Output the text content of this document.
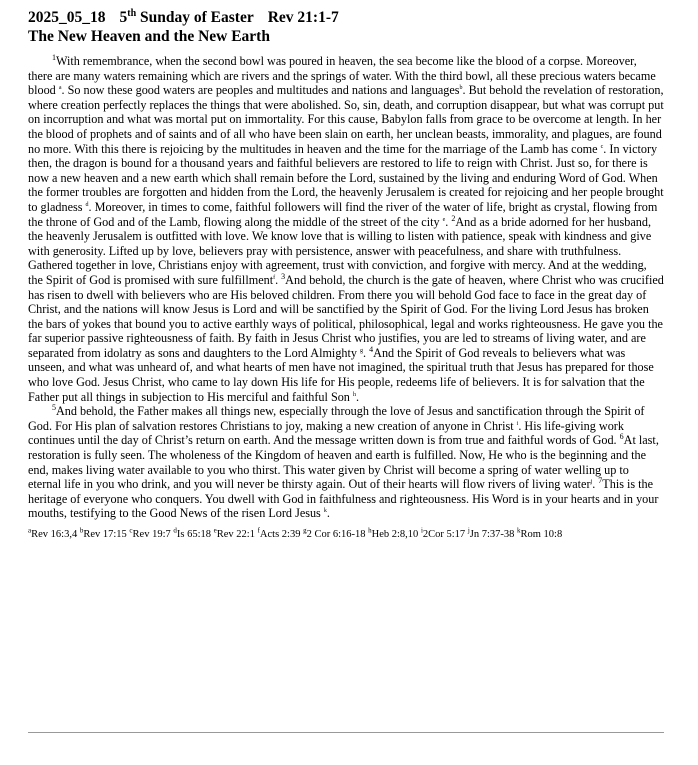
2025_05_18 5th Sunday of Easter Rev 21:1-7
The New Heaven and the New Earth

$^1$With remembrance, when the second bowl was poured in heaven, the sea become like the blood of a corpse. Moreover, there are many waters remaining which are rivers and the springs of water. With the third bowl, all these precious waters became blood $^a$. So now these good waters are peoples and multitudes and nations and languages$^b$. But behold the revelation of restoration, where creation perfectly replaces the things that were abolished. So, sin, death, and corruption disappear, but what was corrupt put on incorruption and what was mortal put on immortality. For this cause, Babylon falls from grace to be overcome at length. In her the blood of prophets and of saints and of all who have been slain on earth, her unclean beasts, immorality, and plagues, are found no more. With this there is rejoicing by the multitudes in heaven and the time for the marriage of the Lamb has come $^c$. In victory then, the dragon is bound for a thousand years and faithful believers are restored to life to reign with Christ. Just so, for there is now a new heaven and a new earth which shall remain before the Lord, sustained by the living and enduring Word of God. When the former troubles are forgotten and hidden from the Lord, the heavenly Jerusalem is created for rejoicing and her people brought to gladness $^d$. Moreover, in times to come, faithful followers will find the river of the water of life, bright as crystal, flowing from the throne of God and of the Lamb, flowing along the middle of the street of the city $^e$. $^2$And as a bride adorned for her husband, the heavenly Jerusalem is outfitted with love. We know love that is willing to listen with patience, speak with kindness and give with generosity. Lifted up by love, believers pray with persistence, answer with peacefulness, and share with truthfulness. Gathered together in love, Christians enjoy with agreement, trust with conviction, and forgive with mercy. And at the wedding, the Spirit of God is promised with sure fulfillment$^f$. $^3$And behold, the church is the gate of heaven, where Christ who was crucified has risen to dwell with believers who are His beloved children. From there you will behold God face to face in the great day of Christ, and the nations will know Jesus is Lord and will be sanctified by the Spirit of God. For the living Lord Jesus has broken the bars of yokes that bound you to active earthly ways of political, philosophical, legal and works righteousness. He gave you the far superior passive righteousness of faith. By faith in Jesus Christ who justifies, you are led to streams of living water, and are separated from idolatry as sons and daughters to the Lord Almighty $^g$. $^4$And the Spirit of God reveals to believers what was unseen, and what was unheard of, and what hearts of men have not imagined, the spiritual truth that Jesus has prepared for those who love God. Jesus Christ, who came to lay down His life for His people, redeems life of believers. It is for salvation that the Father put all things in subjection to His merciful and faithful Son $^h$.

$^5$And behold, the Father makes all things new, especially through the love of Jesus and sanctification through the Spirit of God. For His plan of salvation restores Christians to joy, making a new creation of anyone in Christ $^i$. His life-giving work continues until the day of Christ’s return on earth. And the message written down is from true and faithful words of God. $^6$At last, restoration is fully seen. The wholeness of the Kingdom of heaven and earth is fulfilled. Now, He who is the beginning and the end, makes living water available to you who thirst. This water given by Christ will become a spring of water welling up to eternal life in you who drink, and you will never be thirsty again. Out of their hearts will flow rivers of living water$^j$. $^7$This is the heritage of everyone who conquers. You dwell with God in faithfulness and righteousness. His Word is in your hearts and in your mouths, testifying to the Good News of the risen Lord Jesus $^k$.

$^a$Rev 16:3,4 $^b$Rev 17:15 $^c$Rev 19:7 $^d$Is 65:18 $^e$Rev 22:1 $^f$Acts 2:39 $^g$2 Cor 6:16-18 $^h$Heb 2:8,10 $^i$2Cor 5:17 $^j$Jn 7:37-38 $^k$Rom 10:8
